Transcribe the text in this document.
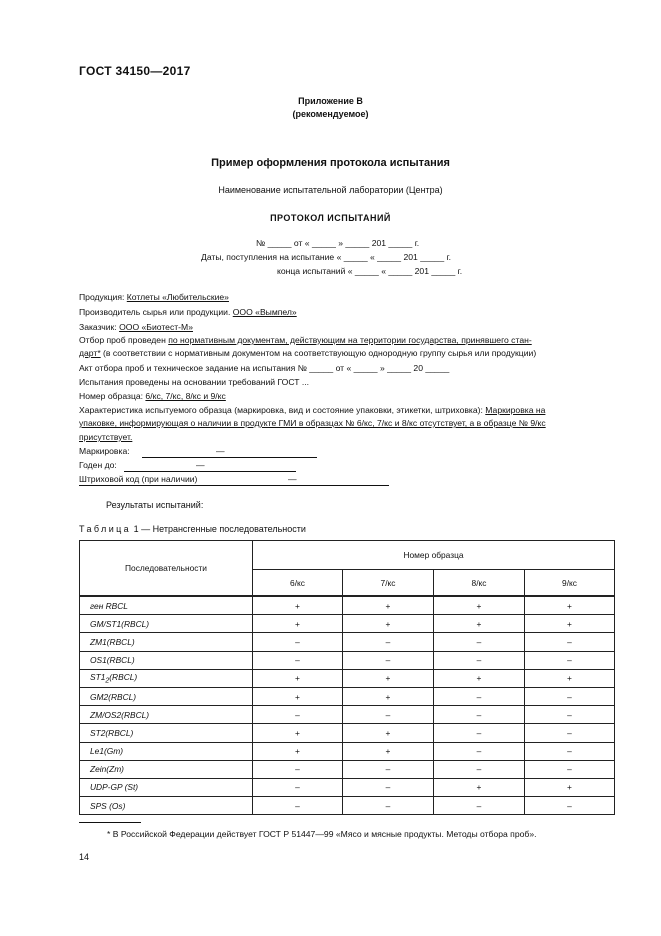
ГОСТ 34150—2017
Приложение В
(рекомендуемое)
Пример оформления протокола испытания
Наименование испытательной лаборатории (Центра)
ПРОТОКОЛ ИСПЫТАНИЙ
№ _____ от « _____ » _____ 201 _____ г.
Даты, поступления на испытание « _____ « _____ 201 _____ г.
конца испытаний « _____ « _____ 201 _____ г.
Продукция: Котлеты «Любительские»
Производитель сырья или продукции. ООО «Вымпел»
Заказчик: ООО «Биотест-М»
Отбор проб проведен по нормативным документам, действующим на территории государства, принявшего стан-
дарт* (в соответствии с нормативным документом на соответствующую однородную группу сырья или продукции)
Акт отбора проб и техническое задание на испытания № _____ от « _____ » _____ 20 _____
Испытания проведены на основании требований ГОСТ ...
Номер образца: 6/кс, 7/кс, 8/кс и 9/кс
Характеристика испытуемого образца (маркировка, вид и состояние упаковки, этикетки, штриховка): Маркировка на
упаковке, информирующая о наличии в продукте ГМИ в образцах № 6/кс, 7/кс и 8/кс отсутствует, а в образце № 9/кс
присутствует.
Маркировка:	—
Годен до:	—
Штриховой код (при наличии)	—
Результаты испытаний:
Таблица 1 — Нетрансгенные последовательности
Последовательности	Номер образца			
	6/кс	7/кс	8/кс	9/кс
ген RBCL	+	+	+	+
GM/ST1(RBCL)	+	+	+	+
ZM1(RBCL)	–	–	–	–
OS1(RBCL)	–	–	–	–
$ST1_2(RBCL)$	+	+	+	+
GM2(RBCL)	+	+	–	–
ZM/OS2(RBCL)	–	–	–	–
ST2(RBCL)	+	+	–	–
Le1(Gm)	+	+	–	–
Zein(Zm)	–	–	–	–
UDP-GP (St)	–	–	+	+
SPS (Os)	–	–	–	–
* В Российской Федерации действует ГОСТ Р 51447—99 «Мясо и мясные продукты. Методы отбора проб».
14
